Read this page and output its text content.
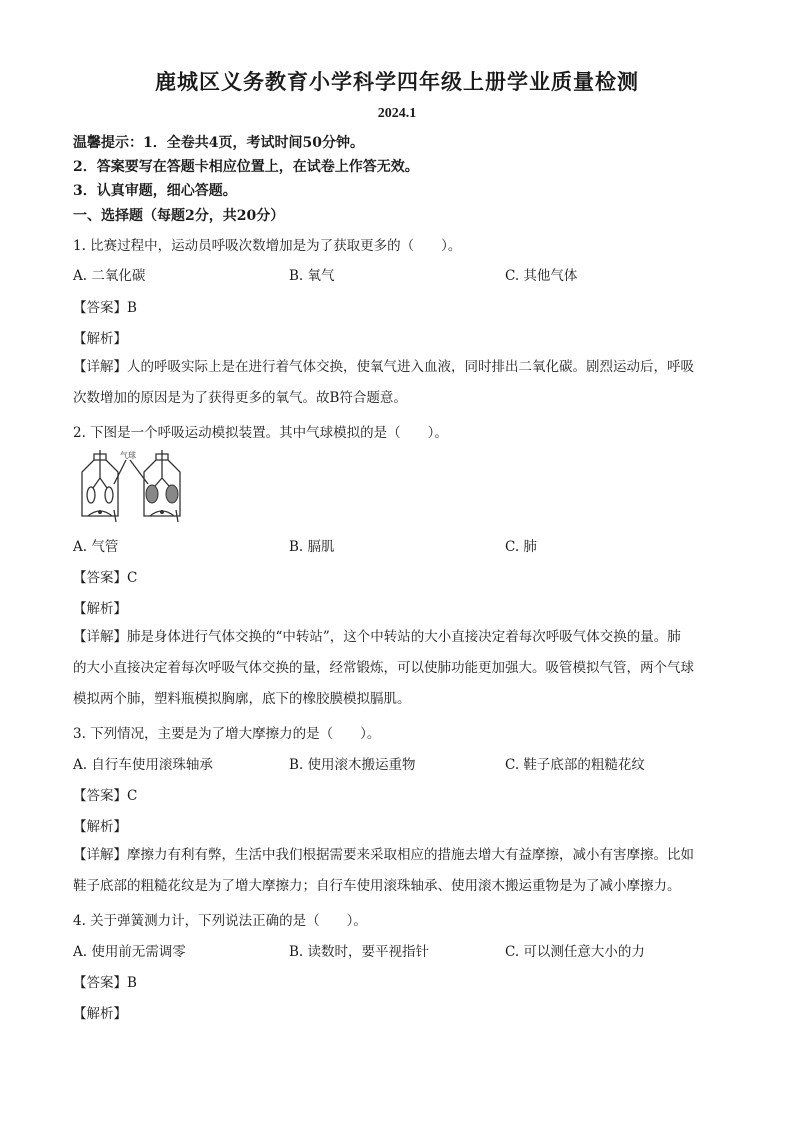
鹿城区义务教育小学科学四年级上册学业质量检测
2024.1
温馨提示：1．全卷共4页，考试时间50分钟。
2．答案要写在答题卡相应位置上，在试卷上作答无效。
3．认真审题，细心答题。
一、选择题（每题2分，共20分）
1. 比赛过程中，运动员呼吸次数增加是为了获取更多的（　　）。
A. 二氧化碳	B. 氧气	C. 其他气体
【答案】B
【解析】
【详解】人的呼吸实际上是在进行着气体交换，使氧气进入血液，同时排出二氧化碳。剧烈运动后，呼吸
次数增加的原因是为了获得更多的氧气。故B符合题意。
2. 下图是一个呼吸运动模拟装置。其中气球模拟的是（　　）。
气球
A. 气管	B. 膈肌	C. 肺
【答案】C
【解析】
【详解】肺是身体进行气体交换的“中转站”，这个中转站的大小直接决定着每次呼吸气体交换的量。肺
的大小直接决定着每次呼吸气体交换的量，经常锻炼，可以使肺功能更加强大。吸管模拟气管，两个气球
模拟两个肺，塑料瓶模拟胸廓，底下的橡胶膜模拟膈肌。
3. 下列情况，主要是为了增大摩擦力的是（　　）。
A. 自行车使用滚珠轴承	B. 使用滚木搬运重物	C. 鞋子底部的粗糙花纹
【答案】C
【解析】
【详解】摩擦力有利有弊，生活中我们根据需要来采取相应的措施去增大有益摩擦，减小有害摩擦。比如
鞋子底部的粗糙花纹是为了增大摩擦力；自行车使用滚珠轴承、使用滚木搬运重物是为了减小摩擦力。
4. 关于弹簧测力计，下列说法正确的是（　　）。
A. 使用前无需调零	B. 读数时，要平视指针	C. 可以测任意大小的力
【答案】B
【解析】
